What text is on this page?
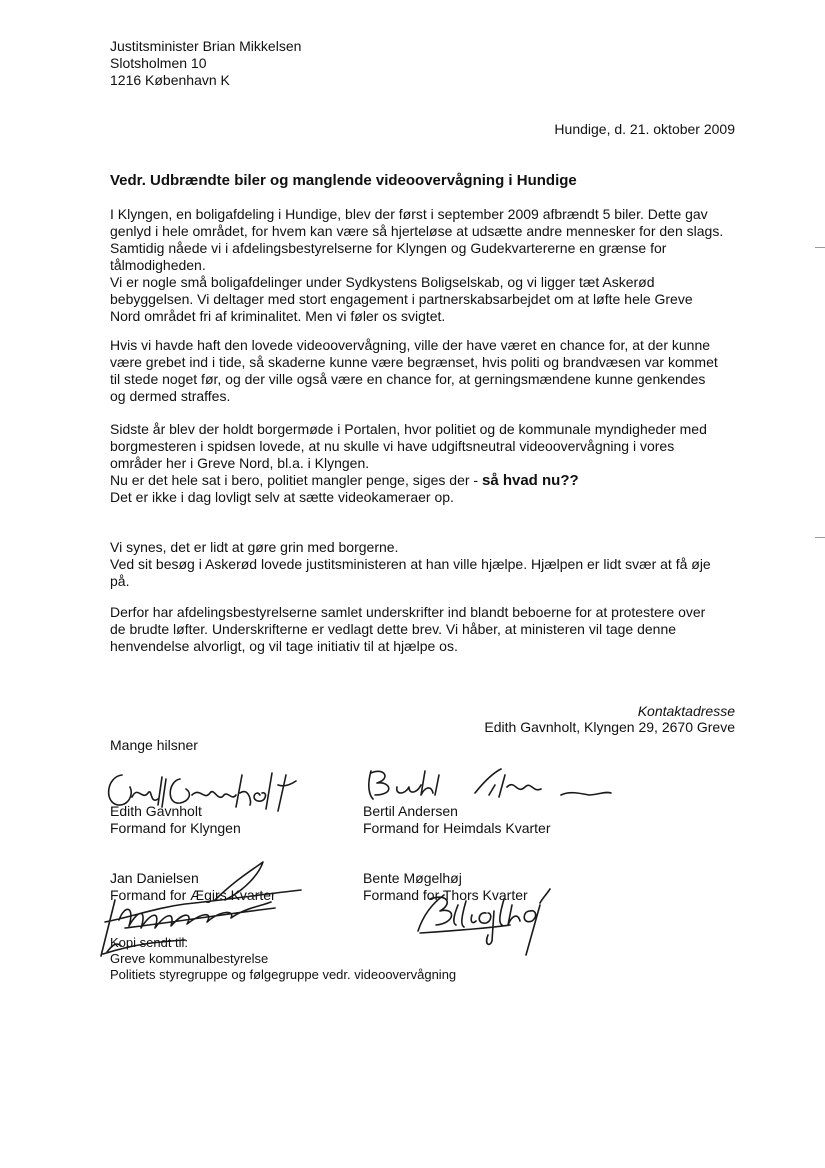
Justitsminister Brian Mikkelsen
Slotsholmen 10
1216 København K
Hundige, d. 21. oktober 2009
Vedr. Udbrændte biler og manglende videoovervågning i Hundige

I Klyngen, en boligafdeling i Hundige, blev der først i september 2009 afbrændt 5 biler. Dette gav

genlyd i hele området, for hvem kan være så hjerteløse at udsætte andre mennesker for den slags.

Samtidig nåede vi i afdelingsbestyrelserne for Klyngen og Gudekvartererne en grænse for

tålmodigheden.

Vi er nogle små boligafdelinger under Sydkystens Boligselskab, og vi ligger tæt Askerød

bebyggelsen. Vi deltager med stort engagement i partnerskabsarbejdet om at løfte hele Greve

Nord området fri af kriminalitet. Men vi føler os svigtet.

Hvis vi havde haft den lovede videoovervågning, ville der have været en chance for, at der kunne

være grebet ind i tide, så skaderne kunne være begrænset, hvis politi og brandvæsen var kommet

til stede noget før, og der ville også være en chance for, at gerningsmændene kunne genkendes

og dermed straffes.

Sidste år blev der holdt borgermøde i Portalen, hvor politiet og de kommunale myndigheder med

borgmesteren i spidsen lovede, at nu skulle vi have udgiftsneutral videoovervågning i vores

områder her i Greve Nord, bl.a. i Klyngen.

Nu er det hele sat i bero, politiet mangler penge, siges der - så hvad nu??

Det er ikke i dag lovligt selv at sætte videokameraer op.

Vi synes, det er lidt at gøre grin med borgerne.

Ved sit besøg i Askerød lovede justitsministeren at han ville hjælpe. Hjælpen er lidt svær at få øje

på.

Derfor har afdelingsbestyrelserne samlet underskrifter ind blandt beboerne for at protestere over

de brudte løfter. Underskrifterne er vedlagt dette brev. Vi håber, at ministeren vil tage denne

henvendelse alvorligt, og vil tage initiativ til at hjælpe os.

Kontaktadresse
Edith Gavnholt, Klyngen 29, 2670 Greve
Mange hilsner
Edith Gavnholt
Formand for Klyngen
Bertil Andersen
Formand for Heimdals Kvarter
Jan Danielsen
Formand for Ægirs Kvarter
Bente Møgelhøj
Formand for Thors Kvarter
Kopi sendt til:
Greve kommunalbestyrelse
Politiets styregruppe og følgegruppe vedr. videoovervågning
